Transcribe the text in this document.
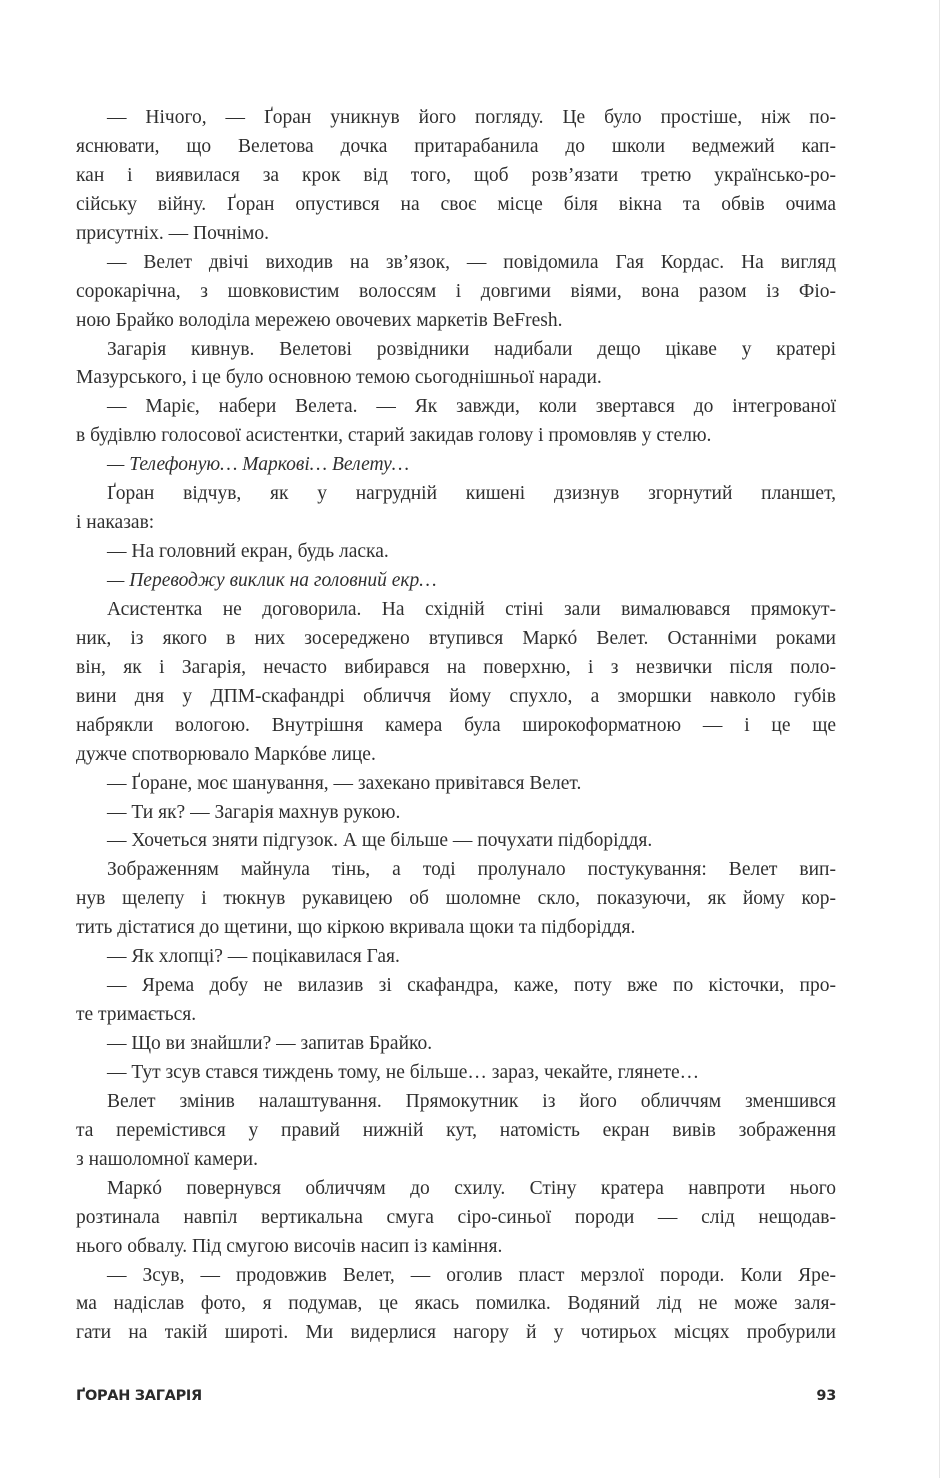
— Нічого, — Ґоран уникнув його погляду. Це було простіше, ніж по-
яснювати, що Велетова дочка притарабанила до школи ведмежий кап-
кан і виявилася за крок від того, щоб розв’язати третю українсько-ро-
сійську війну. Ґоран опустився на своє місце біля вікна та обвів очима
присутніх. — Почнімо.
— Велет двічі виходив на зв’язок, — повідомила Гая Кордас. На вигляд
сорокарічна, з шовковистим волоссям і довгими віями, вона разом із Фіо-
ною Брайко володіла мережею овочевих маркетів BeFresh.
Загарія кивнув. Велетові розвідники надибали дещо цікаве у кратері
Мазурського, і це було основною темою сьогоднішньої наради.
— Маріє, набери Велета. — Як завжди, коли звертався до інтегрованої
в будівлю голосової асистентки, старий закидав голову і промовляв у стелю.
— Телефоную… Маркові… Велету…
Ґоран відчув, як у нагрудній кишені дзизнув згорнутий планшет,
і наказав:
— На головний екран, будь ласка.
— Переводжу виклик на головний екр…
Асистентка не договорила. На східній стіні зали вималювався прямокут-
ник, із якого в них зосереджено втупився Маркó Велет. Останніми роками
він, як і Загарія, нечасто вибирався на поверхню, і з незвички після поло-
вини дня у ДПМ-скафандрі обличчя йому спухло, а зморшки навколо губів
набрякли вологою. Внутрішня камера була широкоформатною — і це ще
дужче спотворювало Маркóве лице.
— Ґоране, моє шанування, — захекано привітався Велет.
— Ти як? — Загарія махнув рукою.
— Хочеться зняти підгузок. А ще більше — почухати підборіддя.
Зображенням майнула тінь, а тоді пролунало постукування: Велет вип-
нув щелепу і тюкнув рукавицею об шоломне скло, показуючи, як йому кор-
тить дістатися до щетини, що кіркою вкривала щоки та підборіддя.
— Як хлопці? — поцікавилася Гая.
— Ярема добу не вилазив зі скафандра, каже, поту вже по кісточки, про-
те тримається.
— Що ви знайшли? — запитав Брайко.
— Тут зсув стався тиждень тому, не більше… зараз, чекайте, глянете…
Велет змінив налаштування. Прямокутник із його обличчям зменшився
та перемістився у правий нижній кут, натомість екран вивів зображення
з нашоломної камери.
Маркó повернувся обличчям до схилу. Стіну кратера навпроти нього
розтинала навпіл вертикальна смуга сіро-синьої породи — слід нещодав-
нього обвалу. Під смугою височів насип із каміння.
— Зсув, — продовжив Велет, — оголив пласт мерзлої породи. Коли Яре-
ма надіслав фото, я подумав, це якась помилка. Водяний лід не може заля-
гати на такій широті. Ми видерлися нагору й у чотирьох місцях пробурили
ҐОРАН ЗАГАРІЯ	93
